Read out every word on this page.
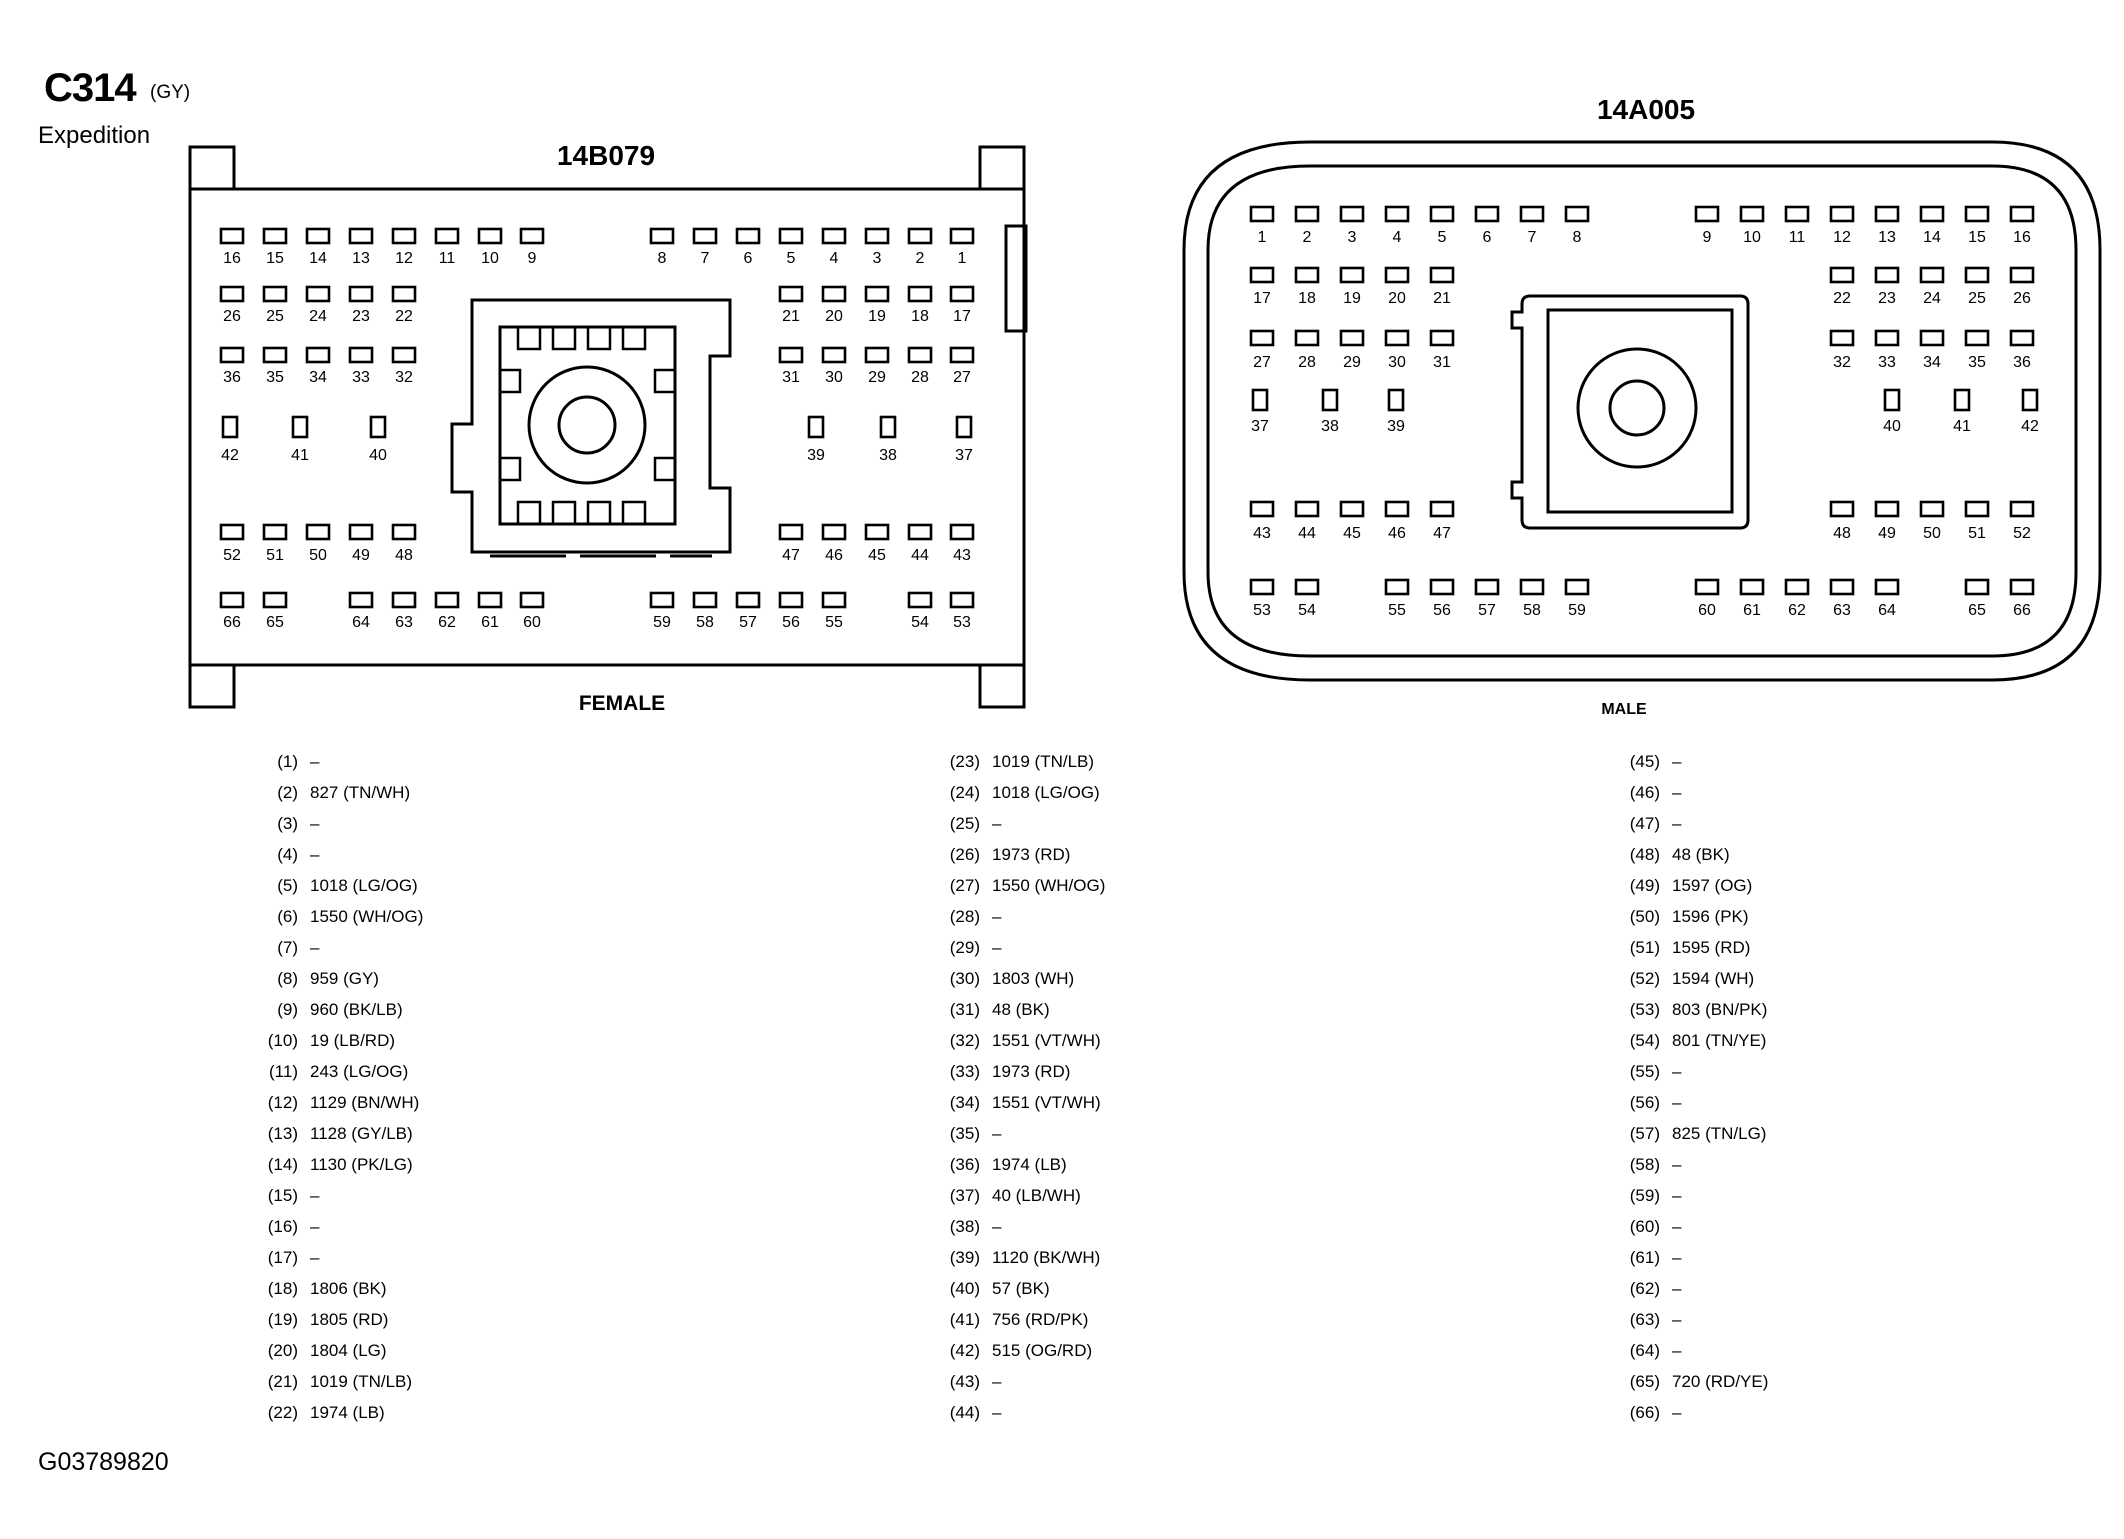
C314 (GY)
Expedition
14B079
FEMALE
14A005
MALE
16 15 14 13 12 11 10 9	8 7 6 5 4 3 2 1
26 25 24 23 22	21 20 19 18 17
36 35 34 33 32	31 30 29 28 27
42	41	40	39	38	37
52 51 50 49 48	47 46 45 44 43
66 65	64 63 62 61 60	59 58 57 56 55	54 53
1 2 3 4 5 6 7 8	9 10 11 12 13 14 15 16
17 18 19 20 21	22 23 24 25 26
27 28 29 30 31	32 33 34 35 36
37	38	39	40	41	42
43 44 45 46 47	48 49 50 51 52
53 54	55 56 57 58 59	60 61 62 63 64	65 66
(1) –
(2) 827 (TN/WH)
(3) –
(4) –
(5) 1018 (LG/OG)
(6) 1550 (WH/OG)
(7) –
(8) 959 (GY)
(9) 960 (BK/LB)
(10) 19 (LB/RD)
(11) 243 (LG/OG)
(12) 1129 (BN/WH)
(13) 1128 (GY/LB)
(14) 1130 (PK/LG)
(15) –
(16) –
(17) –
(18) 1806 (BK)
(19) 1805 (RD)
(20) 1804 (LG)
(21) 1019 (TN/LB)
(22) 1974 (LB)
(23) 1019 (TN/LB)
(24) 1018 (LG/OG)
(25) –
(26) 1973 (RD)
(27) 1550 (WH/OG)
(28) –
(29) –
(30) 1803 (WH)
(31) 48 (BK)
(32) 1551 (VT/WH)
(33) 1973 (RD)
(34) 1551 (VT/WH)
(35) –
(36) 1974 (LB)
(37) 40 (LB/WH)
(38) –
(39) 1120 (BK/WH)
(40) 57 (BK)
(41) 756 (RD/PK)
(42) 515 (OG/RD)
(43) –
(44) –
(45) –
(46) –
(47) –
(48) 48 (BK)
(49) 1597 (OG)
(50) 1596 (PK)
(51) 1595 (RD)
(52) 1594 (WH)
(53) 803 (BN/PK)
(54) 801 (TN/YE)
(55) –
(56) –
(57) 825 (TN/LG)
(58) –
(59) –
(60) –
(61) –
(62) –
(63) –
(64) –
(65) 720 (RD/YE)
(66) –
G03789820
